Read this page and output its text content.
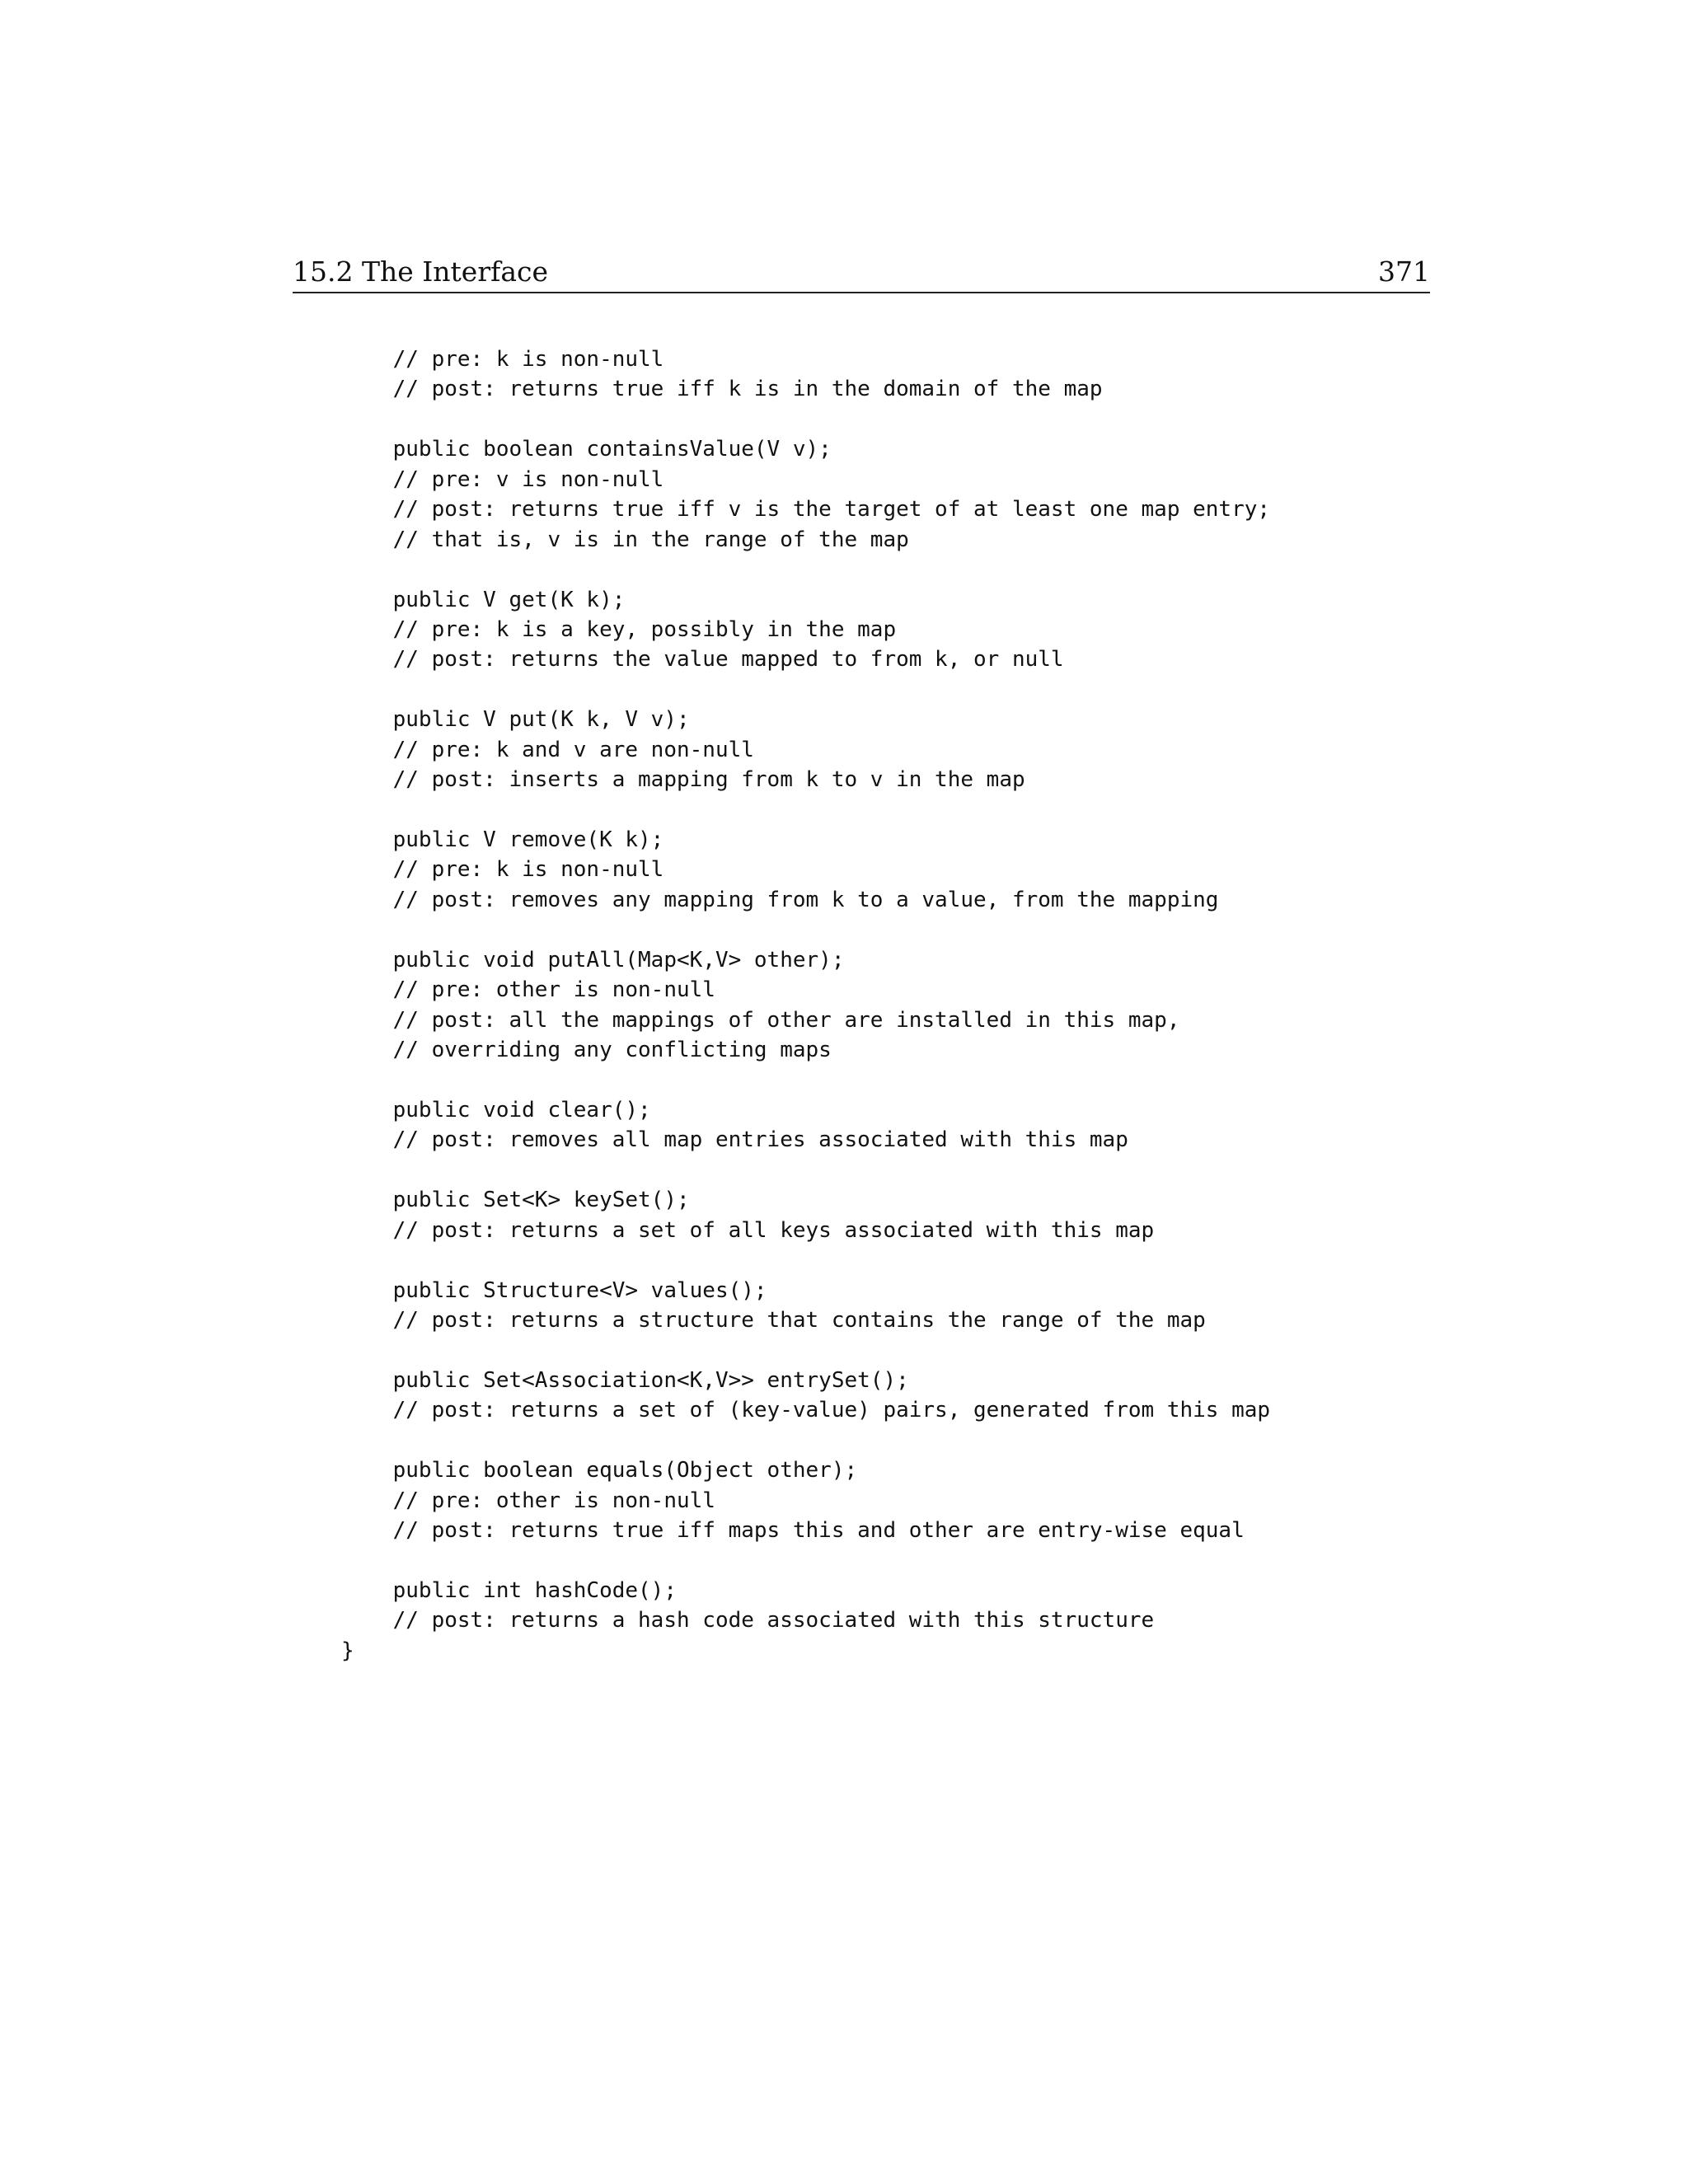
15.2 The Interface	371
// pre: k is non-null
// post: returns true iff k is in the domain of the map
public boolean containsValue(V v);
// pre: v is non-null
// post: returns true iff v is the target of at least one map entry;
// that is, v is in the range of the map
public V get(K k);
// pre: k is a key, possibly in the map
// post: returns the value mapped to from k, or null
public V put(K k, V v);
// pre: k and v are non-null
// post: inserts a mapping from k to v in the map
public V remove(K k);
// pre: k is non-null
// post: removes any mapping from k to a value, from the mapping
public void putAll(Map<K,V> other);
// pre: other is non-null
// post: all the mappings of other are installed in this map,
// overriding any conflicting maps
public void clear();
// post: removes all map entries associated with this map
public Set<K> keySet();
// post: returns a set of all keys associated with this map
public Structure<V> values();
// post: returns a structure that contains the range of the map
public Set<Association<K,V>> entrySet();
// post: returns a set of (key-value) pairs, generated from this map
public boolean equals(Object other);
// pre: other is non-null
// post: returns true iff maps this and other are entry-wise equal
public int hashCode();
// post: returns a hash code associated with this structure
}
